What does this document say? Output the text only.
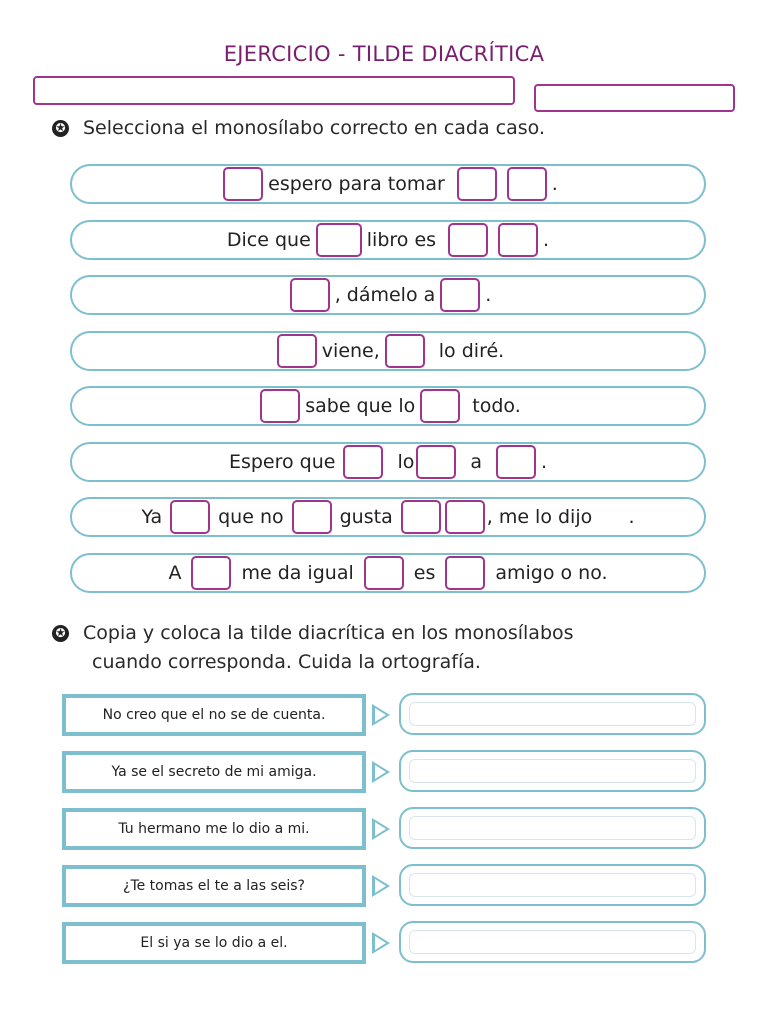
EJERCICIO - TILDE DIACRÍTICA
✪ Selecciona el monosílabo correcto en cada caso.
espero para tomar	.
Dice que	libro es	.
, dámelo a	.
viene,	lo diré.
sabe que lo	todo.
Espero que	lo	a	.
Ya	que no	gusta	, me lo dijo      .
A	me da igual	es	amigo o no.
✪ Copia y coloca la tilde diacrítica en los monosílabos
cuando corresponda. Cuida la ortografía.
No creo que el no se de cuenta.
Ya se el secreto de mi amiga.
Tu hermano me lo dio a mi.
¿Te tomas el te a las seis?
El si ya se lo dio a el.
